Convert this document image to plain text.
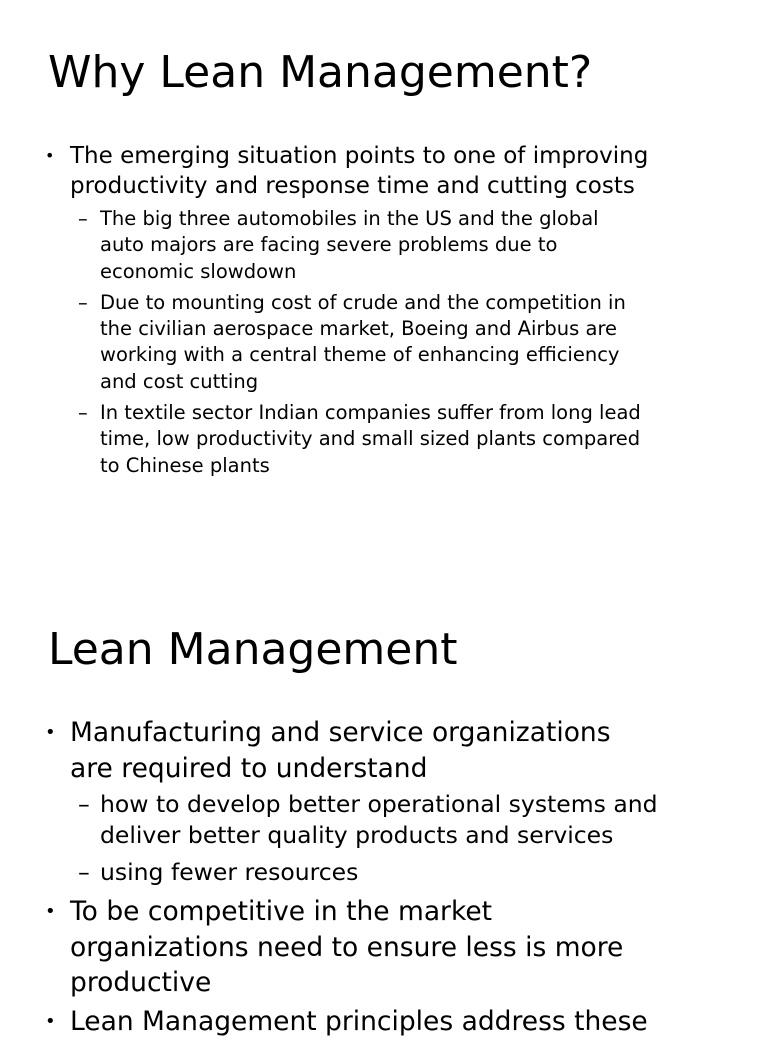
Why Lean Management?
• The emerging situation points to one of improving
productivity and response time and cutting costs
– The big three automobiles in the US and the global
auto majors are facing severe problems due to
economic slowdown
– Due to mounting cost of crude and the competition in
the civilian aerospace market, Boeing and Airbus are
working with a central theme of enhancing efficiency
and cost cutting
– In textile sector Indian companies suffer from long lead
time, low productivity and small sized plants compared
to Chinese plants
Lean Management
• Manufacturing and service organizations
are required to understand
– how to develop better operational systems and
deliver better quality products and services
– using fewer resources
• To be competitive in the market
organizations need to ensure less is more
productive
• Lean Management principles address these
